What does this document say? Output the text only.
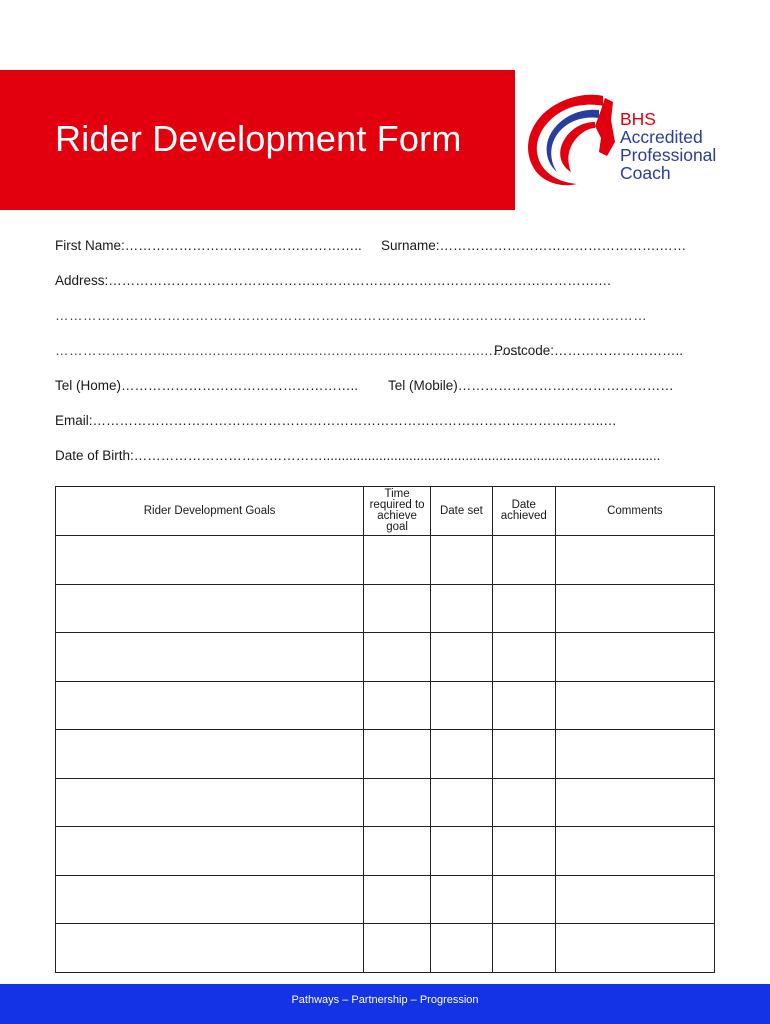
Rider Development Form	BHS
Accredited
Professional
Coach
First Name:…………………………………………….. Surname:………………………………………….……
Address:……………………………………………………………………………………………….…
………………………………………………………………………………………………………….……
………………….......................................................................................
Postcode:………………………..
Tel (Home)…………………………………………….. Tel (Mobile)…………………………………………
Email:…………………………………………………………………………………………….……..…
Date of Birth:……………………………………..........................................................................................
Rider Development Goals	Time required to achieve goal	Date set	Date achieved	Comments

Pathways – Partnership – Progression
